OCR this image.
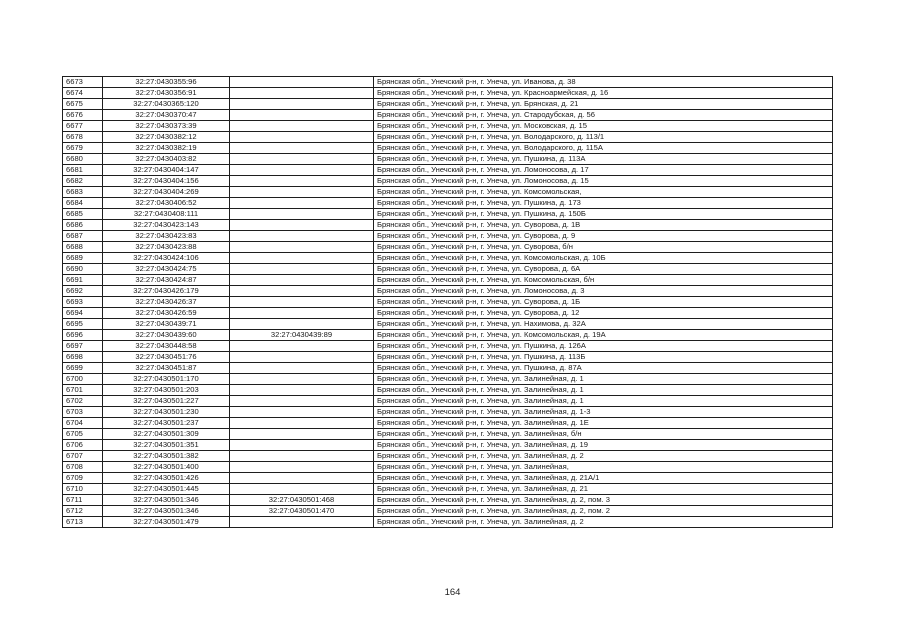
6673	32:27:0430355:96		Брянская обл., Унечский р-н, г. Унеча, ул. Иванова, д. 38
6674	32:27:0430356:91		Брянская обл., Унечский р-н, г. Унеча, ул. Красноармейская, д. 16
6675	32:27:0430365:120		Брянская обл., Унечский р-н, г. Унеча, ул. Брянская, д. 21
6676	32:27:0430370:47		Брянская обл., Унечский р-н, г. Унеча, ул. Стародубская, д. 56
6677	32:27:0430373:39		Брянская обл., Унечский р-н, г. Унеча, ул. Московская, д. 15
6678	32:27:0430382:12		Брянская обл., Унечский р-н, г. Унеча, ул. Володарского, д. 113/1
6679	32:27:0430382:19		Брянская обл., Унечский р-н, г. Унеча, ул. Володарского, д. 115А
6680	32:27:0430403:82		Брянская обл., Унечский р-н, г. Унеча, ул. Пушкина, д. 113А
6681	32:27:0430404:147		Брянская обл., Унечский р-н, г. Унеча, ул. Ломоносова, д. 17
6682	32:27:0430404:156		Брянская обл., Унечский р-н, г. Унеча, ул. Ломоносова, д. 15
6683	32:27:0430404:269		Брянская обл., Унечский р-н, г. Унеча, ул. Комсомольская,
6684	32:27:0430406:52		Брянская обл., Унечский р-н, г. Унеча, ул. Пушкина, д. 173
6685	32:27:0430408:111		Брянская обл., Унечский р-н, г. Унеча, ул. Пушкина, д. 150Б
6686	32:27:0430423:143		Брянская обл., Унечский р-н, г. Унеча, ул. Суворова, д. 1В
6687	32:27:0430423:83		Брянская обл., Унечский р-н, г. Унеча, ул. Суворова, д. 9
6688	32:27:0430423:88		Брянская обл., Унечский р-н, г. Унеча, ул. Суворова, б/н
6689	32:27:0430424:106		Брянская обл., Унечский р-н, г. Унеча, ул. Комсомольская, д. 10Б
6690	32:27:0430424:75		Брянская обл., Унечский р-н, г. Унеча, ул. Суворова, д. 6А
6691	32:27:0430424:87		Брянская обл., Унечский р-н, г. Унеча, ул. Комсомольская, б/н
6692	32:27:0430426:179		Брянская обл., Унечский р-н, г. Унеча, ул. Ломоносова, д. 3
6693	32:27:0430426:37		Брянская обл., Унечский р-н, г. Унеча, ул. Суворова, д. 1Б
6694	32:27:0430426:59		Брянская обл., Унечский р-н, г. Унеча, ул. Суворова, д. 12
6695	32:27:0430439:71		Брянская обл., Унечский р-н, г. Унеча, ул. Нахимова, д. 32А
6696	32:27:0430439:60	32:27:0430439:89	Брянская обл., Унечский р-н, г. Унеча, ул. Комсомольская, д. 19А
6697	32:27:0430448:58		Брянская обл., Унечский р-н, г. Унеча, ул. Пушкина, д. 126А
6698	32:27:0430451:76		Брянская обл., Унечский р-н, г. Унеча, ул. Пушкина, д. 113Б
6699	32:27:0430451:87		Брянская обл., Унечский р-н, г. Унеча, ул. Пушкина, д. 87А
6700	32:27:0430501:170		Брянская обл., Унечский р-н, г. Унеча, ул. Залинейная, д. 1
6701	32:27:0430501:203		Брянская обл., Унечский р-н, г. Унеча, ул. Залинейная, д. 1
6702	32:27:0430501:227		Брянская обл., Унечский р-н, г. Унеча, ул. Залинейная, д. 1
6703	32:27:0430501:230		Брянская обл., Унечский р-н, г. Унеча, ул. Залинейная, д. 1-3
6704	32:27:0430501:237		Брянская обл., Унечский р-н, г. Унеча, ул. Залинейная, д. 1Е
6705	32:27:0430501:309		Брянская обл., Унечский р-н, г. Унеча, ул. Залинейная, б/н
6706	32:27:0430501:351		Брянская обл., Унечский р-н, г. Унеча, ул. Залинейная, д. 19
6707	32:27:0430501:382		Брянская обл., Унечский р-н, г. Унеча, ул. Залинейная, д. 2
6708	32:27:0430501:400		Брянская обл., Унечский р-н, г. Унеча, ул. Залинейная,
6709	32:27:0430501:426		Брянская обл., Унечский р-н, г. Унеча, ул. Залинейная, д. 21А/1
6710	32:27:0430501:445		Брянская обл., Унечский р-н, г. Унеча, ул. Залинейная, д. 21
6711	32:27:0430501:346	32:27:0430501:468	Брянская обл., Унечский р-н, г. Унеча, ул. Залинейная, д. 2, пом. 3
6712	32:27:0430501:346	32:27:0430501:470	Брянская обл., Унечский р-н, г. Унеча, ул. Залинейная, д. 2, пом. 2
6713	32:27:0430501:479		Брянская обл., Унечский р-н, г. Унеча, ул. Залинейная, д. 2
164
